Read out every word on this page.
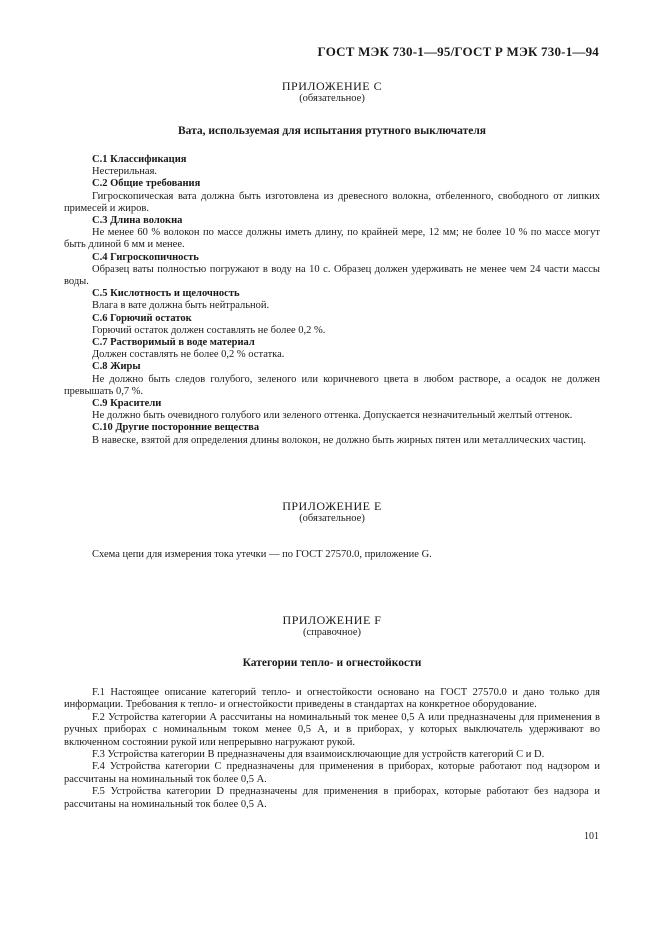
ГОСТ МЭК 730-1—95/ГОСТ Р МЭК 730-1—94
ПРИЛОЖЕНИЕ C
(обязательное)
Вата, используемая для испытания ртутного выключателя

С.1 Классификация

Нестерильная.

С.2 Общие требования

Гигроскопическая вата должна быть изготовлена из древесного волокна, отбеленного, свободного от липких примесей и жиров.

С.3 Длина волокна

Не менее 60 % волокон по массе должны иметь длину, по крайней мере, 12 мм; не более 10 % по массе могут быть длиной 6 мм и менее.

С.4 Гигроскопичность

Образец ваты полностью погружают в воду на 10 с. Образец должен удерживать не менее чем 24 части массы воды.

С.5 Кислотность и щелочность

Влага в вате должна быть нейтральной.

С.6 Горючий остаток

Горючий остаток должен составлять не более 0,2 %.

С.7 Растворимый в воде материал

Должен составлять не более 0,2 % остатка.

С.8 Жиры

Не должно быть следов голубого, зеленого или коричневого цвета в любом растворе, а осадок не должен превышать 0,7 %.

С.9 Красители

Не должно быть очевидного голубого или зеленого оттенка. Допускается незначительный желтый оттенок.

С.10 Другие посторонние вещества

В навеске, взятой для определения длины волокон, не должно быть жирных пятен или металлических частиц.

ПРИЛОЖЕНИЕ E
(обязательное)
Схема цепи для измерения тока утечки — по ГОСТ 27570.0, приложение G.
ПРИЛОЖЕНИЕ F
(справочное)
Категории тепло- и огнестойкости

F.1 Настоящее описание категорий тепло- и огнестойкости основано на ГОСТ 27570.0 и дано только для информации. Требования к тепло- и огнестойкости приведены в стандартах на конкретное оборудование.

F.2 Устройства категории А рассчитаны на номинальный ток менее 0,5 А или предназначены для применения в ручных приборах с номинальным током менее 0,5 А, и в приборах, у которых выключатель удерживают во включенном состоянии рукой или непрерывно нагружают рукой.

F.3 Устройства категории В предназначены для взаимоисключающие для устройств категорий С и D.

F.4 Устройства категории С предназначены для применения в приборах, которые работают под надзором и рассчитаны на номинальный ток более 0,5 А.

F.5 Устройства категории D предназначены для применения в приборах, которые работают без надзора и рассчитаны на номинальный ток более 0,5 А.

101
